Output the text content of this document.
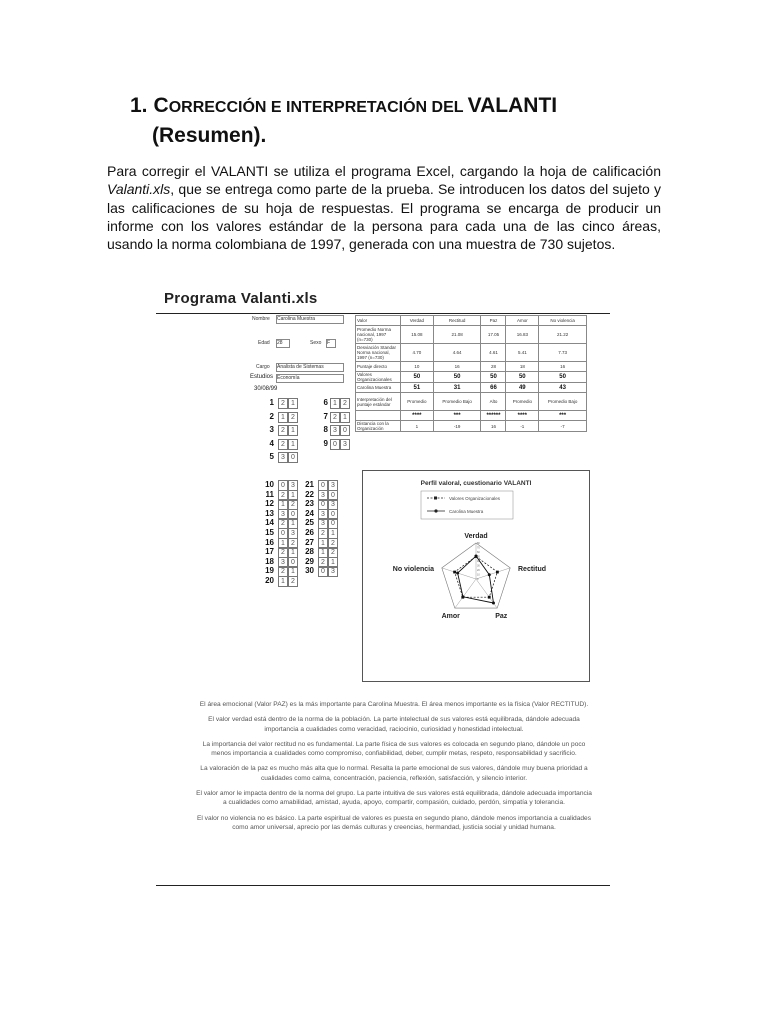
1. CORRECCIÓN E INTERPRETACIÓN DEL VALANTI
(Resumen).
Para corregir el VALANTI se utiliza el programa Excel, cargando la hoja de calificación Valanti.xls, que se entrega como parte de la prueba. Se introducen los datos del sujeto y las calificaciones de su hoja de respuestas. El programa se encarga de producir un informe con los valores estándar de la persona para cada una de las cinco áreas, usando la norma colombiana de 1997, generada con una muestra de 730 sujetos.
Programa Valanti.xls
Nombre Carolina Muestra
Edad 28	Sexo F
Cargo Analista de Sistemas
Estudios Economía
30/08/99
1	2 1	6 1 2
2	1 2	7 2 1
3	2 1	8 3 0
4	2 1	9 0 3
5	3 0
10	0 3	21	0 3
11	2 1	22	3 0
12	1 2	23	0 3
13	3 0	24	3 0
14	2 1	25	3 0
15	0 3	26	2 1
16	1 2	27	1 2
17	2 1	28	1 2
18	3 0	29	2 1
19	2 1	30	0 3
20	1 2
Valor	Verdad	Rectitud	Paz	Amor	No violencia
Promedio Norma nacional, 1997 (n=730)	15.08	21.08	17.05	16.83	21.22
Desviación Standar Norma nacional, 1997 (n=730)	4.70	4.64	4.61	5.41	7.73
Puntaje directo	10	16	28	18	16
Valores Organizacionales	50	50	50	50	50
Carolina Muestra	51	31	66	49	43
Interpretación del puntaje estándar	Promedio	Promedio Bajo	Alto	Promedio	Promedio Bajo
	****	***	******	****	***
Distancia con la Organización	1	-19	16	-1	-7
Perfil valoral, cuestionario VALANTI
Valores Organizacionales
Carolina Muestra
0
10
20
30
40
50
60
70
80
Verdad
Rectitud
Paz
Amor
No violencia

El área emocional (Valor PAZ) es la más importante para Carolina Muestra. El área menos importante es la física (Valor RECTITUD).

El valor verdad está dentro de la norma de la población. La parte intelectual de sus valores está equilibrada, dándole adecuada importancia a cualidades como veracidad, raciocinio, curiosidad y honestidad intelectual.

La importancia del valor rectitud no es fundamental. La parte física de sus valores es colocada en segundo plano, dándole un poco menos importancia a cualidades como compromiso, confiabilidad, deber, cumplir metas, respeto, responsabilidad y sacrificio.

La valoración de la paz es mucho más alta que lo normal. Resalta la parte emocional de sus valores, dándole muy buena prioridad a cualidades como calma, concentración, paciencia, reflexión, satisfacción, y silencio interior.

El valor amor le impacta dentro de la norma del grupo. La parte intuitiva de sus valores está equilibrada, dándole adecuada importancia a cualidades como amabilidad, amistad, ayuda, apoyo, compartir, compasión, cuidado, perdón, simpatía y tolerancia.

El valor no violencia no es básico. La parte espiritual de valores es puesta en segundo plano, dándole menos importancia a cualidades como amor universal, aprecio por las demás culturas y creencias, hermandad, justicia social y unidad humana.
